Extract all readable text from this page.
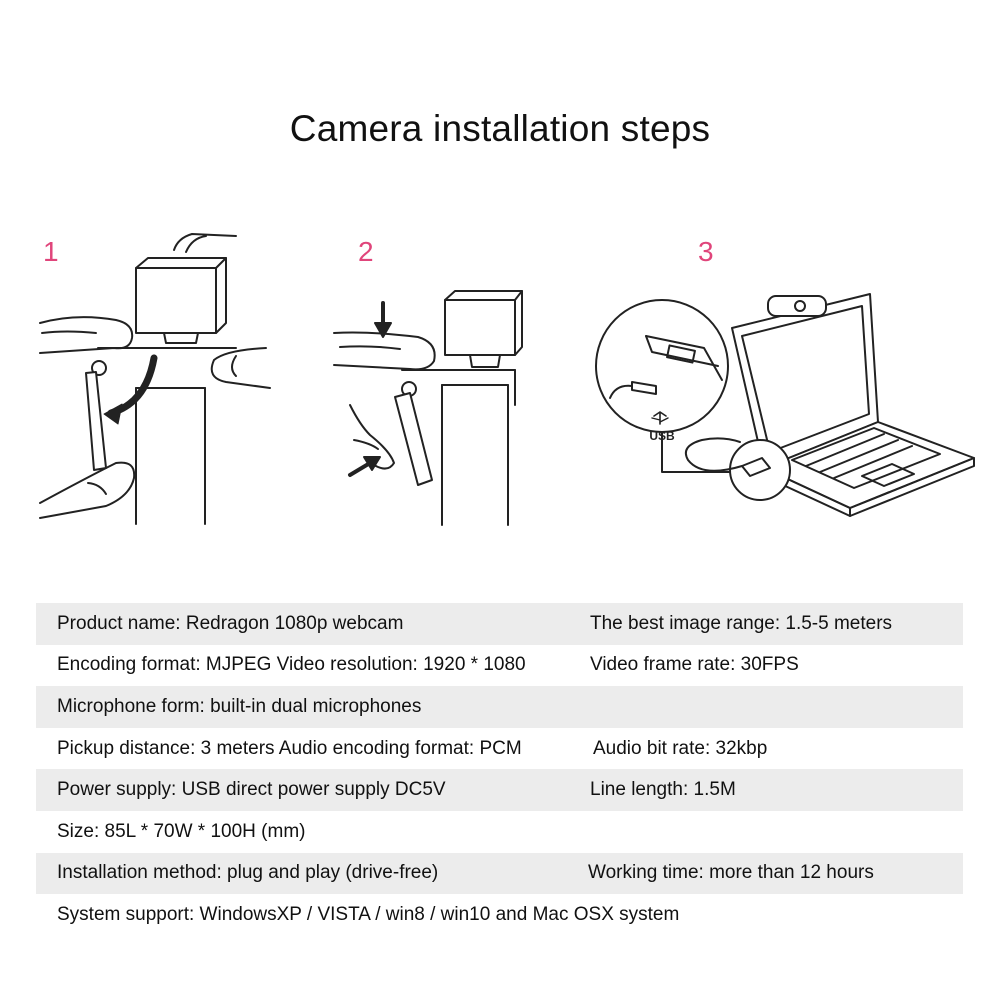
Camera installation steps
1	2	3
USB
Product name: Redragon 1080p webcam	The best image range: 1.5-5 meters
Encoding format: MJPEG Video resolution: 1920 * 1080	Video frame rate: 30FPS
Microphone form: built-in dual microphones
Pickup distance: 3 meters Audio encoding format: PCM	Audio bit rate: 32kbp
Power supply: USB direct power supply DC5V	Line length: 1.5M
Size: 85L * 70W * 100H (mm)
Installation method: plug and play (drive-free)	Working time: more than 12 hours
System support: WindowsXP / VISTA / win8 / win10 and Mac OSX system
